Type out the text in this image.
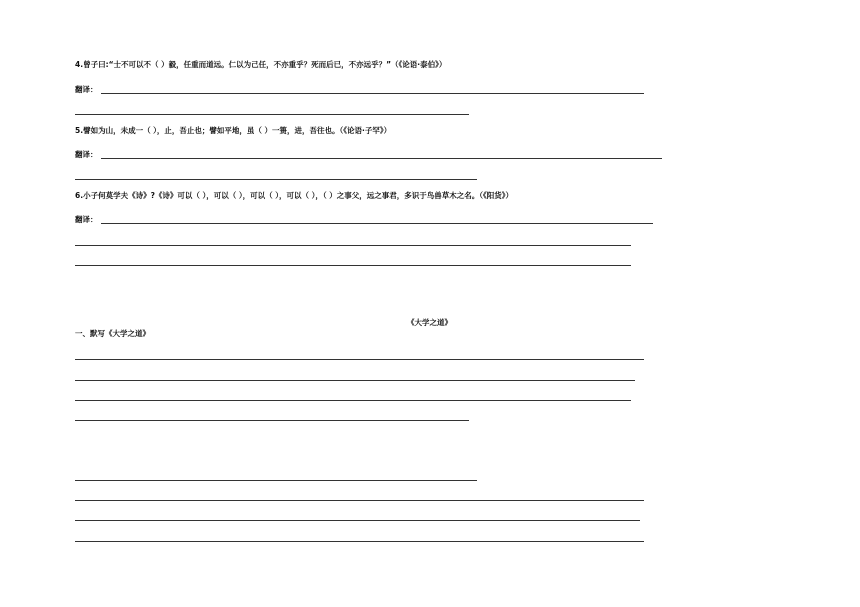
4.曾子曰:“士不可以不（ ）毅，任重而道远。仁以为己任，不亦重乎？死而后已，不亦远乎？”（《论语·泰伯》）
翻译：
5.譬如为山，未成一（ ），止，吾止也；譬如平地，虽（ ）一篑，进，吾往也。（《论语·子罕》）
翻译：
6.小子何莫学夫《诗》?《诗》可以（ ），可以（ ），可以（ ），可以（ ），（ ）之事父，远之事君，多识于鸟兽草木之名。（《阳货》）
翻译：
《大学之道》
一、默写《大学之道》
